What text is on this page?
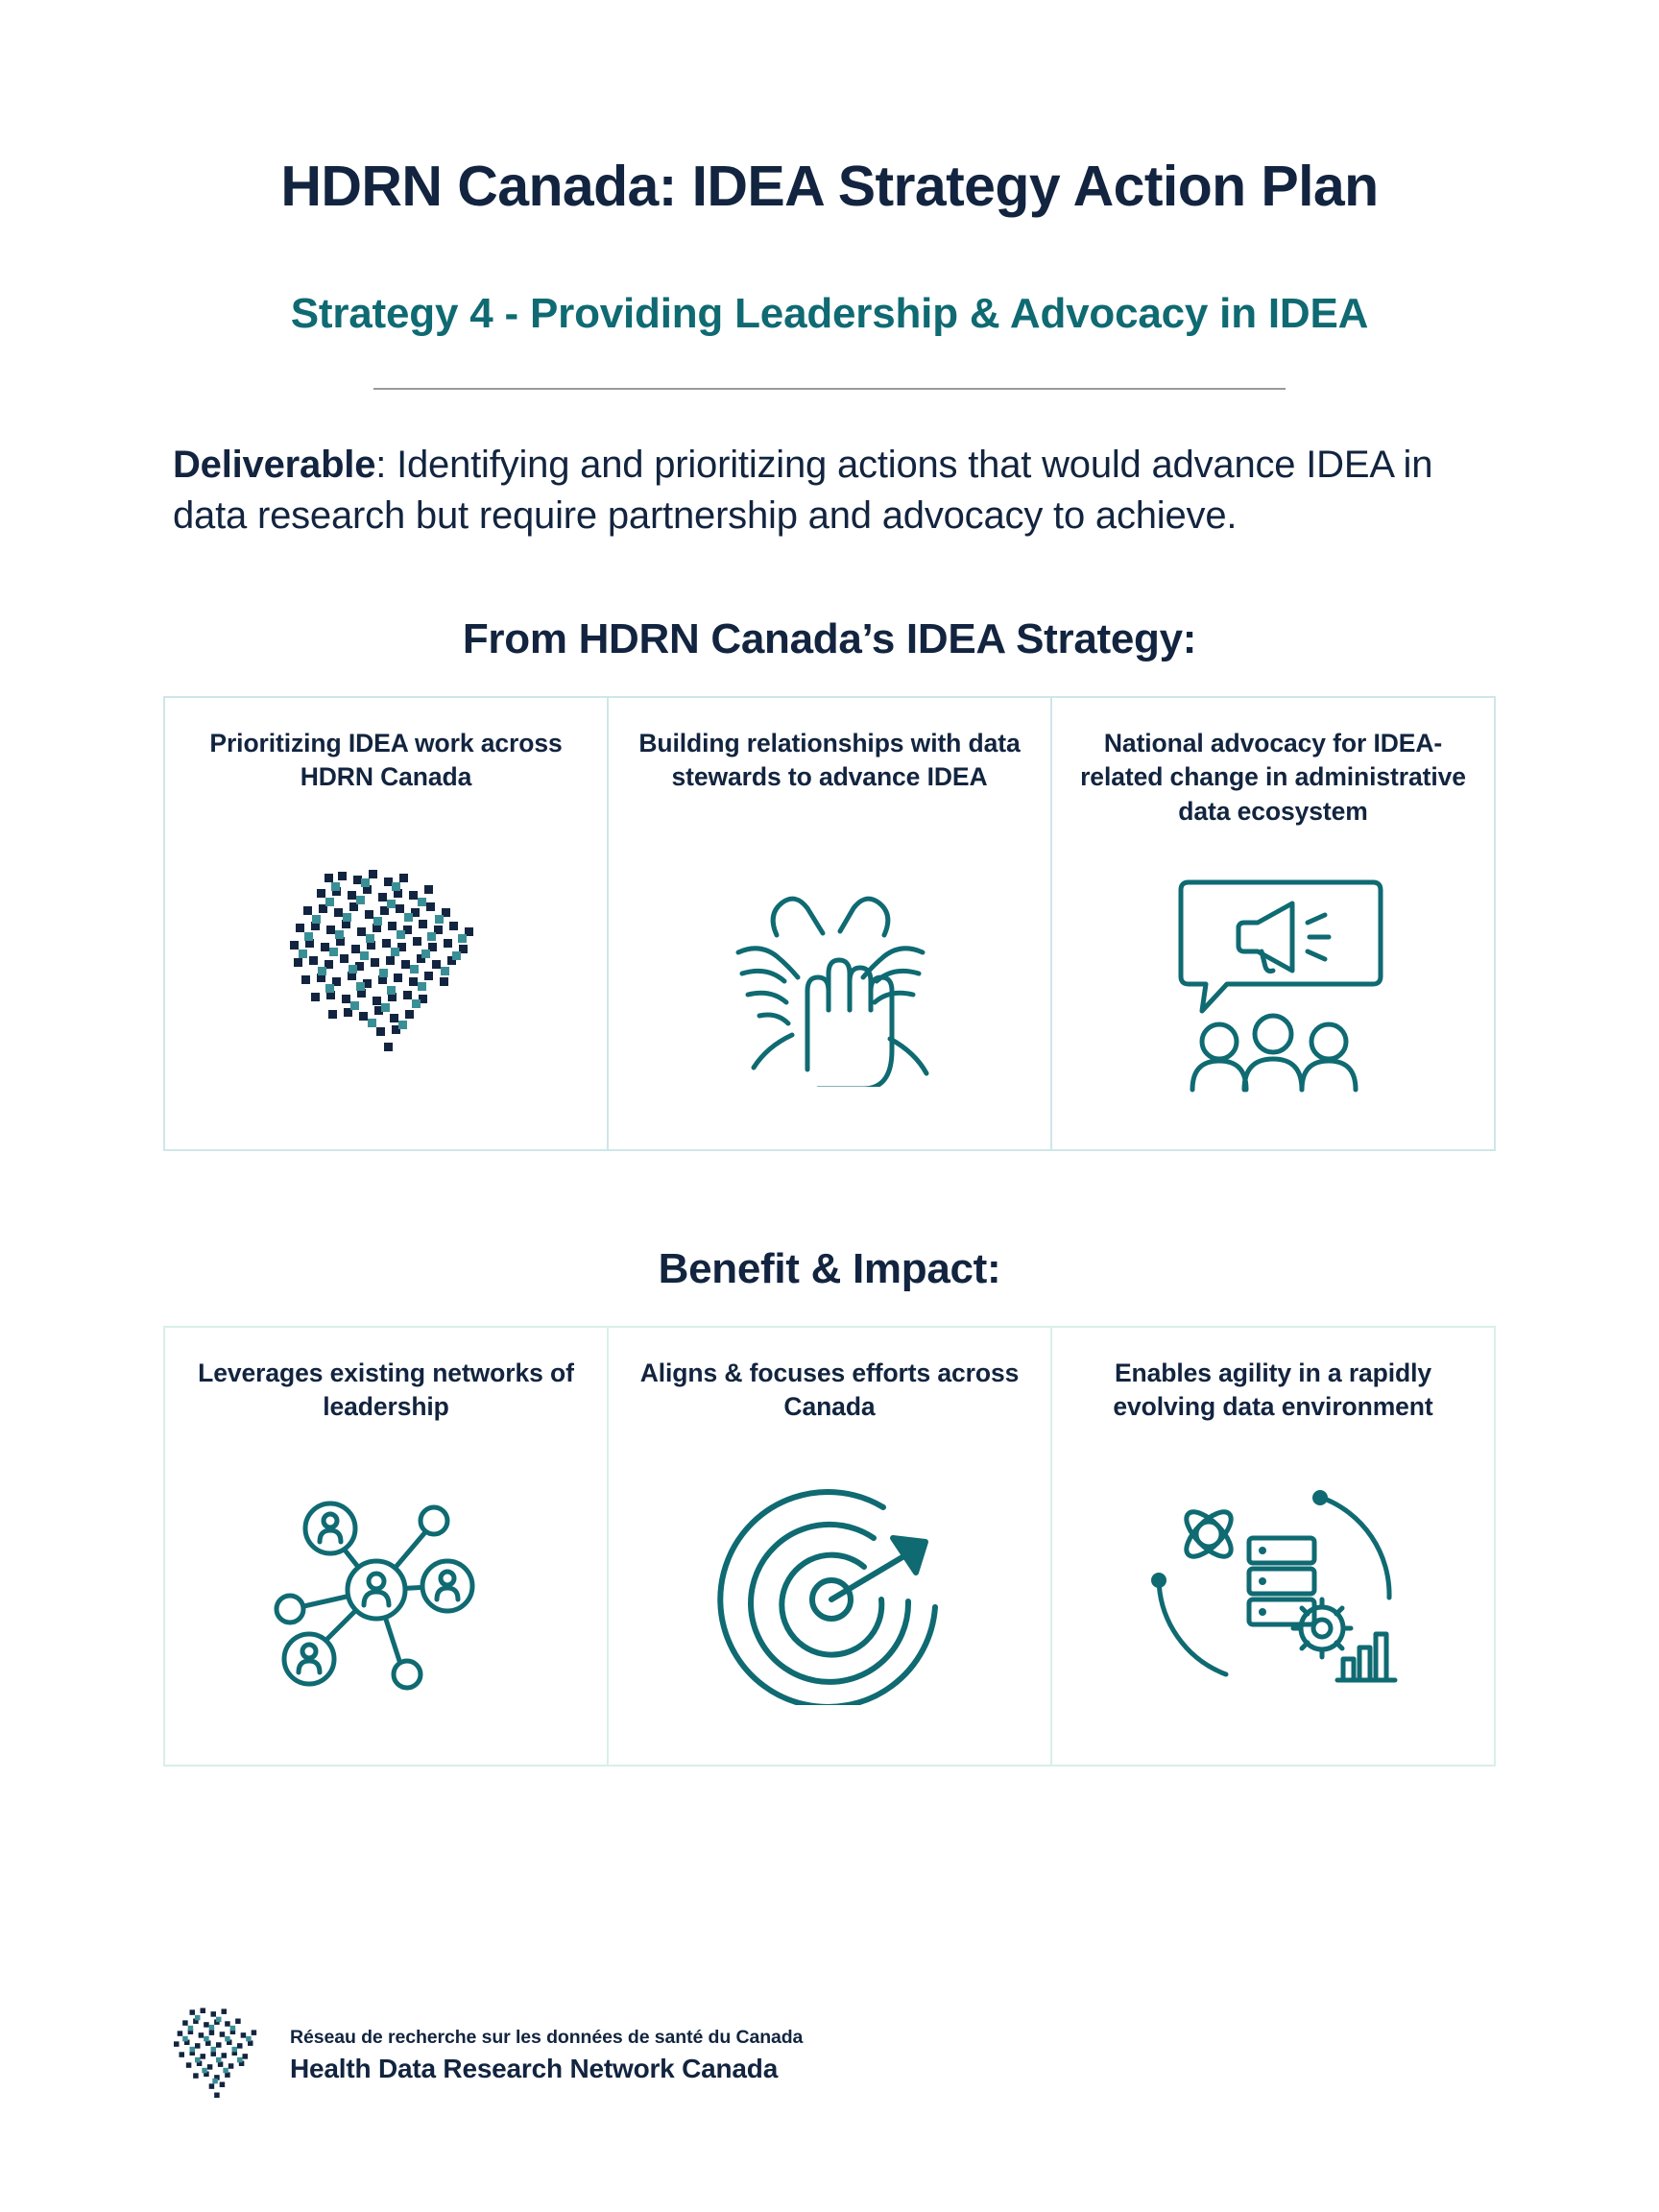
HDRN Canada: IDEA Strategy Action Plan
Strategy 4 - Providing Leadership & Advocacy in IDEA

Deliverable: Identifying and prioritizing actions that would advance IDEA in data research but require partnership and advocacy to achieve.

From HDRN Canada’s IDEA Strategy:
Prioritizing IDEA work across HDRN Canada
Building relationships with data stewards to advance IDEA
National advocacy for IDEA-related change in administrative data ecosystem
Benefit & Impact:
Leverages existing networks of leadership
Aligns & focuses efforts across Canada
Enables agility in a rapidly evolving data environment
Réseau de recherche sur les données de santé du Canada
Health Data Research Network Canada
